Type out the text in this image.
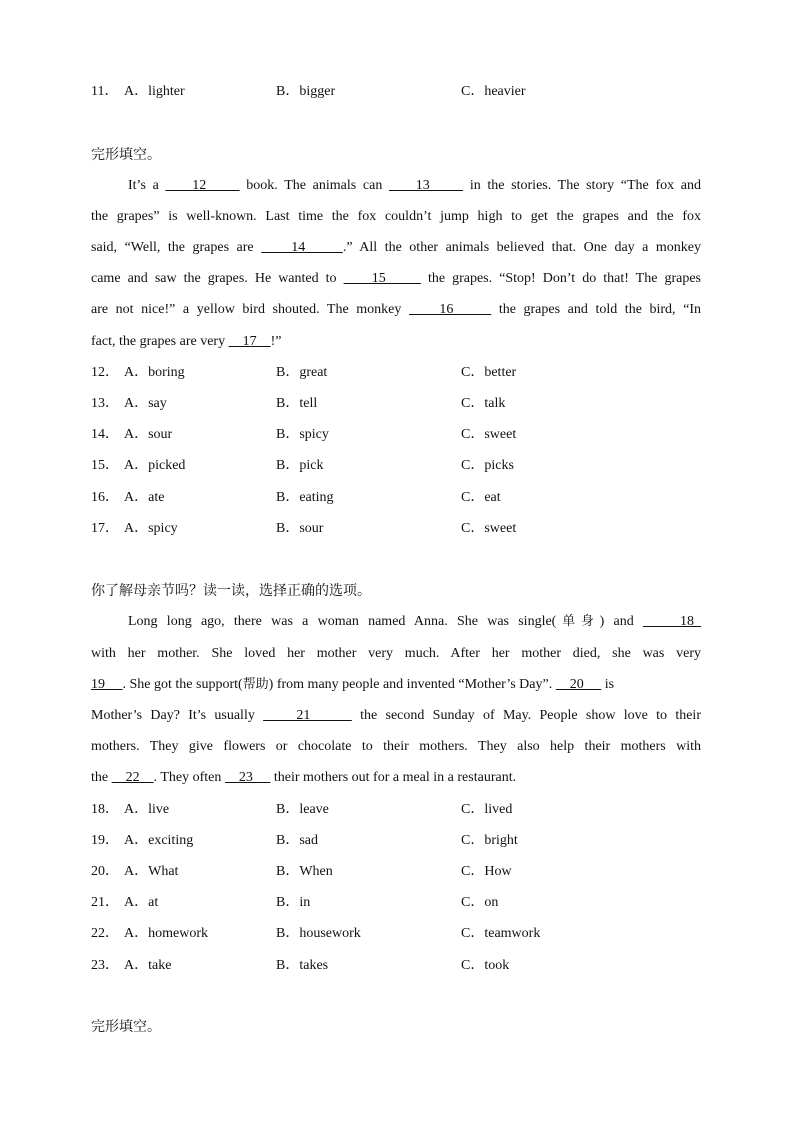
11． A．lighter	B．bigger	C．heavier
完形填空。
It’s a     12      book. The animals can     13      in the stories. The story “The fox and
the grapes” is well-known. Last time the fox couldn’t jump high to get the grapes and the fox
said, “Well, the grapes are     14     .” All the other animals believed that. One day a monkey
came and saw the grapes. He wanted to     15      the grapes. “Stop! Don’t do that! The grapes
are not nice!” a yellow bird shouted. The monkey     16      the grapes and told the bird, “In
fact, the grapes are very     17    !”
12． A．boring	B．great	C．better
13． A．say	B．tell	C．talk
14． A．sour	B．spicy	C．sweet
15． A．picked	B．pick	C．picks
16． A．ate	B．eating	C．eat
17． A．spicy	B．sour	C．sweet
你了解母亲节吗？读一读，选择正确的选项。
Long long ago, there was a woman named Anna. She was single(单身) and     18
with her mother. She loved her mother very much. After her mother died, she was very
19     . She got the support(帮助) from many people and invented “Mother’s Day”.     20      is
Mother’s Day? It’s usually     21      the second Sunday of May. People show love to their
mothers. They give flowers or chocolate to their mothers. They also help their mothers with
the     22    . They often     23      their mothers out for a meal in a restaurant.
18． A．live	B．leave	C．lived
19． A．exciting	B．sad	C．bright
20． A．What	B．When	C．How
21． A．at	B．in	C．on
22． A．homework	B．housework	C．teamwork
23． A．take	B．takes	C．took
完形填空。
